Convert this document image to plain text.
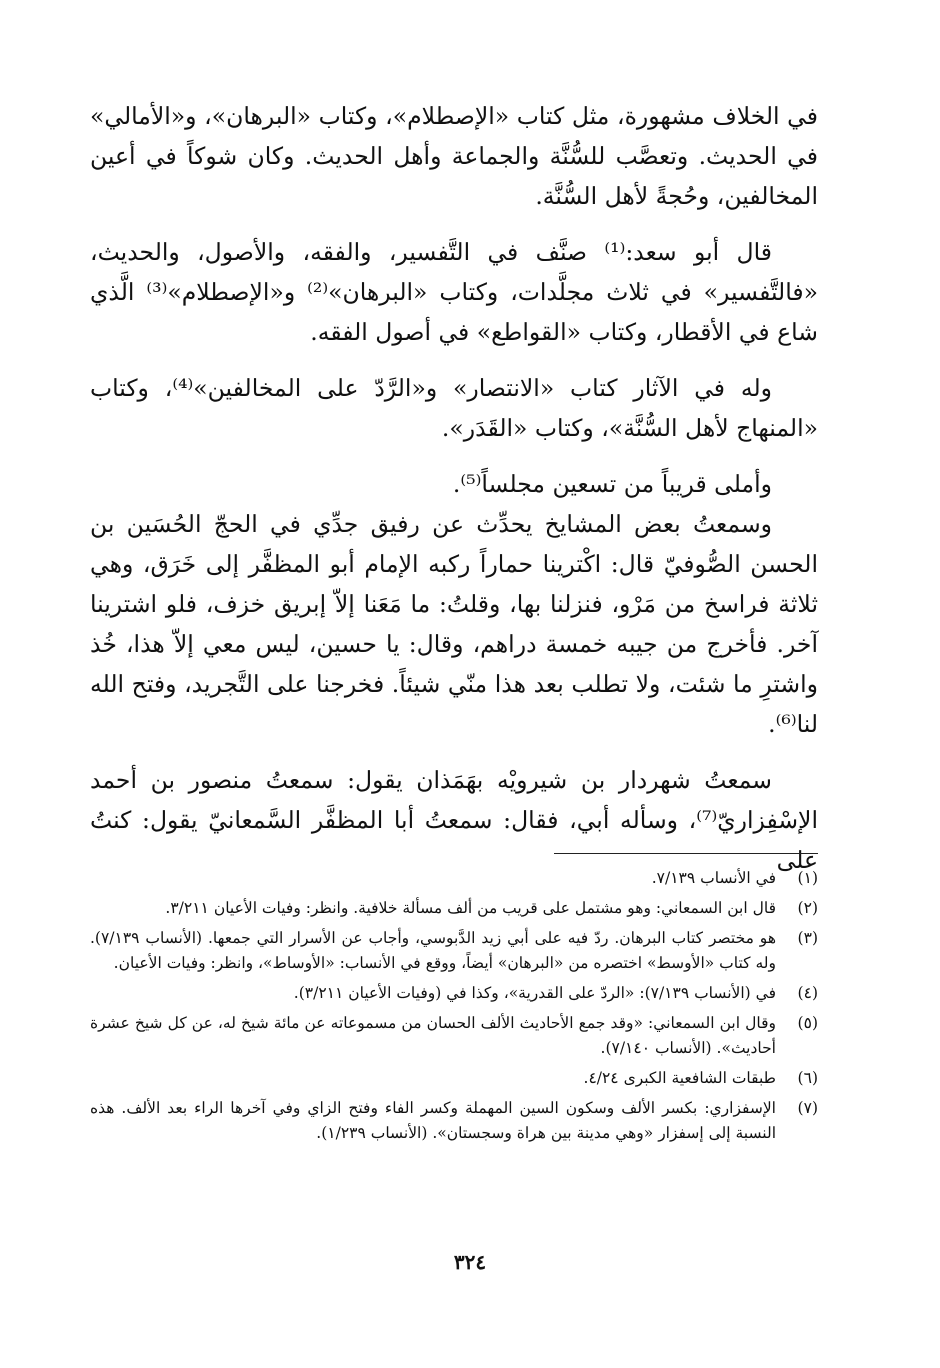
في الخلاف مشهورة، مثل كتاب «الإصطلام»، وكتاب «البرهان»، و«الأمالي» في الحديث. وتعصَّب للسُّنَّة والجماعة وأهل الحديث. وكان شوكاً في أعين المخالفين، وحُجةً لأهل السُّنَّة.

قال أبو سعد:⁽¹⁾ صنَّف في التَّفسير، والفقه، والأصول، والحديث، «فالتَّفسير» في ثلاث مجلَّدات، وكتاب «البرهان»⁽²⁾ و«الإصطلام»⁽³⁾ الَّذي شاع في الأقطار، وكتاب «القواطع» في أصول الفقه.

وله في الآثار كتاب «الانتصار» و«الرَّدّ على المخالفين»⁽⁴⁾، وكتاب «المنهاج لأهل السُّنَّة»، وكتاب «القَدَر».

وأملى قريباً من تسعين مجلساً⁽⁵⁾.

وسمعتُ بعض المشايخ يحدِّث عن رفيق جدِّي في الحجّ الحُسَين بن الحسن الصُّوفيّ قال: اكْترينا حماراً ركبه الإمام أبو المظفَّر إلى خَرَق، وهي ثلاثة فراسخ من مَرْو، فنزلنا بها، وقلتُ: ما مَعَنا إلاّ إبريق خزف، فلو اشترينا آخر. فأخرج من جيبه خمسة دراهم، وقال: يا حسين، ليس معي إلاّ هذا، خُذ واشترِ ما شئت، ولا تطلب بعد هذا منّي شيئاً. فخرجنا على التَّجريد، وفتح الله لنا⁽⁶⁾.

سمعتُ شهردار بن شيرويْه بهَمَذان يقول: سمعتُ منصور بن أحمد الإسْفِزاريّ⁽⁷⁾، وسأله أبي، فقال: سمعتُ أبا المظفَّر السَّمعانيّ يقول: كنتُ على

(١)
في الأنساب ٧/١٣٩.
(٢)
قال ابن السمعاني: وهو مشتمل على قريب من ألف مسألة خلافية. وانظر: وفيات الأعيان ٣/٢١١.
(٣)
هو مختصر كتاب البرهان. ردّ فيه على أبي زيد الدَّبوسي، وأجاب عن الأسرار التي جمعها. (الأنساب ٧/١٣٩). وله كتاب «الأوسط» اختصره من «البرهان» أيضاً، ووقع في الأنساب: «الأوساط»، وانظر: وفيات الأعيان.
(٤)
في (الأنساب ٧/١٣٩): «الردّ على القدرية»، وكذا في (وفيات الأعيان ٣/٢١١).
(٥)
وقال ابن السمعاني: «وقد جمع الأحاديث الألف الحسان من مسموعاته عن مائة شيخ له، عن كل شيخ عشرة أحاديث». (الأنساب ٧/١٤٠).
(٦)
طبقات الشافعية الكبرى ٤/٢٤.
(٧)
الإسفزاري: بكسر الألف وسكون السين المهملة وكسر الفاء وفتح الزاي وفي آخرها الراء بعد الألف. هذه النسبة إلى إسفزار «وهي مدينة بين هراة وسجستان». (الأنساب ١/٢٣٩).
٣٢٤
